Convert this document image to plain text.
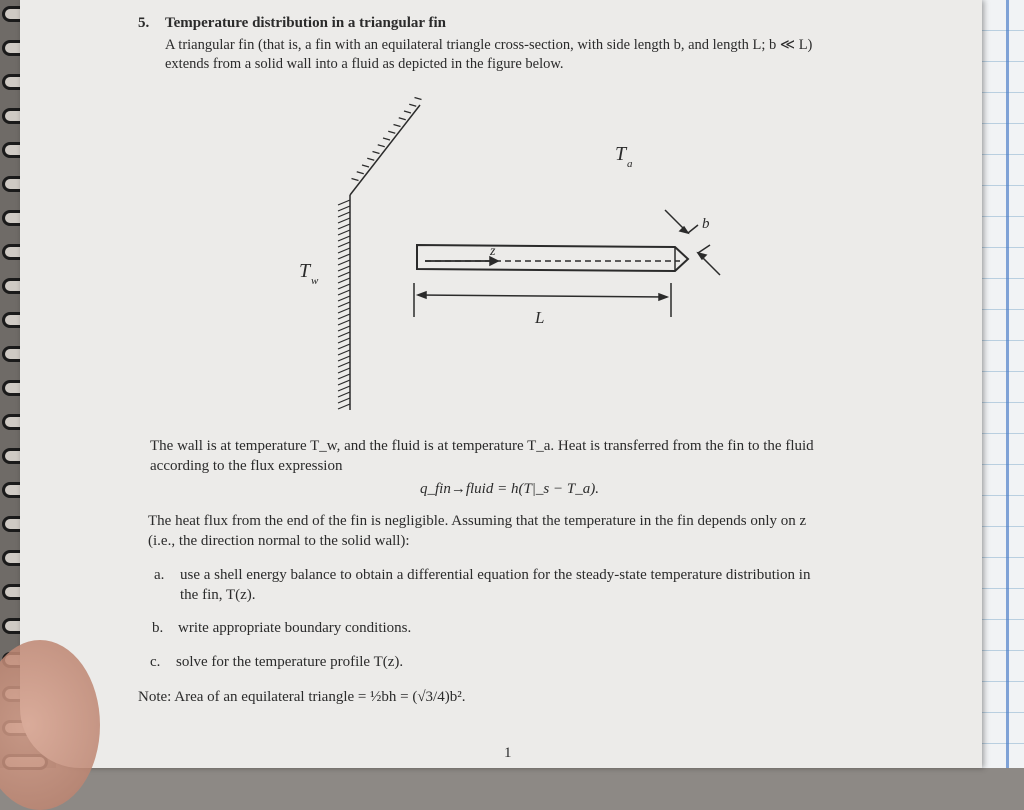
5. Temperature distribution in a triangular fin
A triangular fin (that is, a fin with an equilateral triangle cross-section, with side length b, and length L; b ≪ L)
extends from a solid wall into a fluid as depicted in the figure below.
T a
T w
b
z
L
The wall is at temperature T_w, and the fluid is at temperature T_a. Heat is transferred from the fin to the fluid
according to the flux expression
q_fin→fluid = h(T|_s − T_a).
The heat flux from the end of the fin is negligible. Assuming that the temperature in the fin depends only on z
(i.e., the direction normal to the solid wall):
a. use a shell energy balance to obtain a differential equation for the steady-state temperature distribution in
the fin, T(z).
b. write appropriate boundary conditions.
c. solve for the temperature profile T(z).
Note: Area of an equilateral triangle = ½bh = (√3/4)b².
1
